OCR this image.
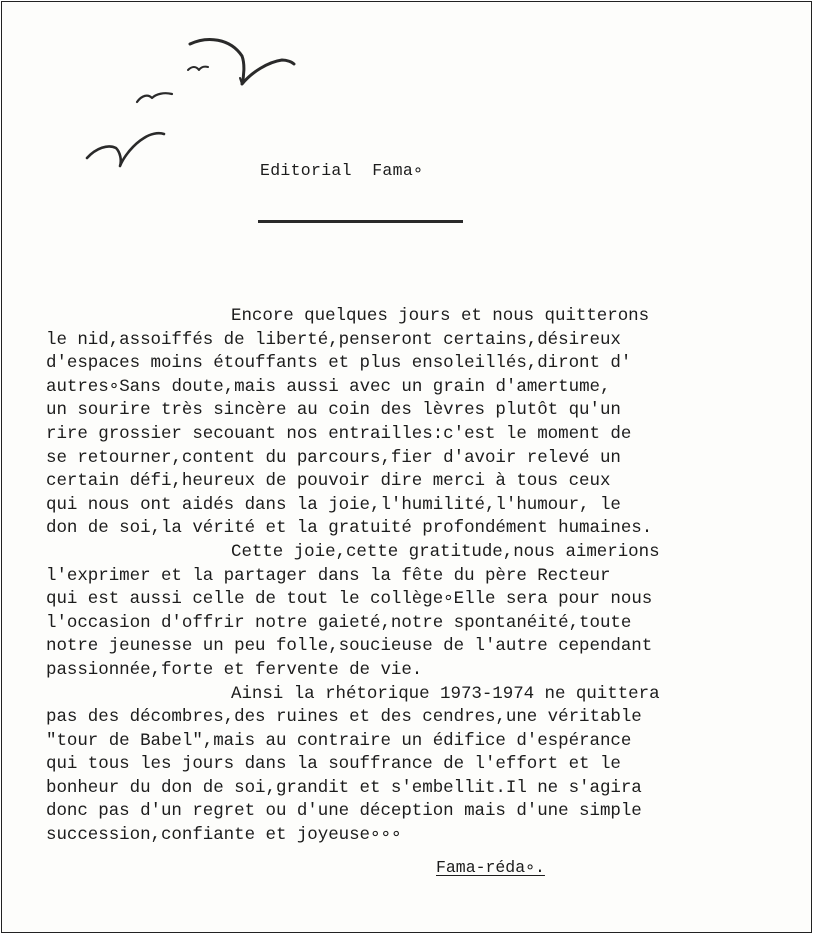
Editorial  Fama∘
Encore quelques jours et nous quitterons
le nid,assoiffés de liberté,penseront certains,désireux
d'espaces moins étouffants et plus ensoleillés,diront d'
autres∘Sans doute,mais aussi avec un grain d'amertume,
un sourire très sincère au coin des lèvres plutôt qu'un
rire grossier secouant nos entrailles:c'est le moment de
se retourner,content du parcours,fier d'avoir relevé un
certain défi,heureux de pouvoir dire merci à tous ceux
qui nous ont aidés dans la joie,l'humilité,l'humour, le
don de soi,la vérité et la gratuité profondément humaines.
Cette joie,cette gratitude,nous aimerions
l'exprimer et la partager dans la fête du père Recteur
qui est aussi celle de tout le collège∘Elle sera pour nous
l'occasion d'offrir notre gaieté,notre spontanéité,toute
notre jeunesse un peu folle,soucieuse de l'autre cependant
passionnée,forte et fervente de vie.
Ainsi la rhétorique 1973-1974 ne quittera
pas des décombres,des ruines et des cendres,une véritable
"tour de Babel",mais au contraire un édifice d'espérance
qui tous les jours dans la souffrance de l'effort et le
bonheur du don de soi,grandit et s'embellit.Il ne s'agira
donc pas d'un regret ou d'une déception mais d'une simple
succession,confiante et joyeuse∘∘∘
Fama-réda∘.
